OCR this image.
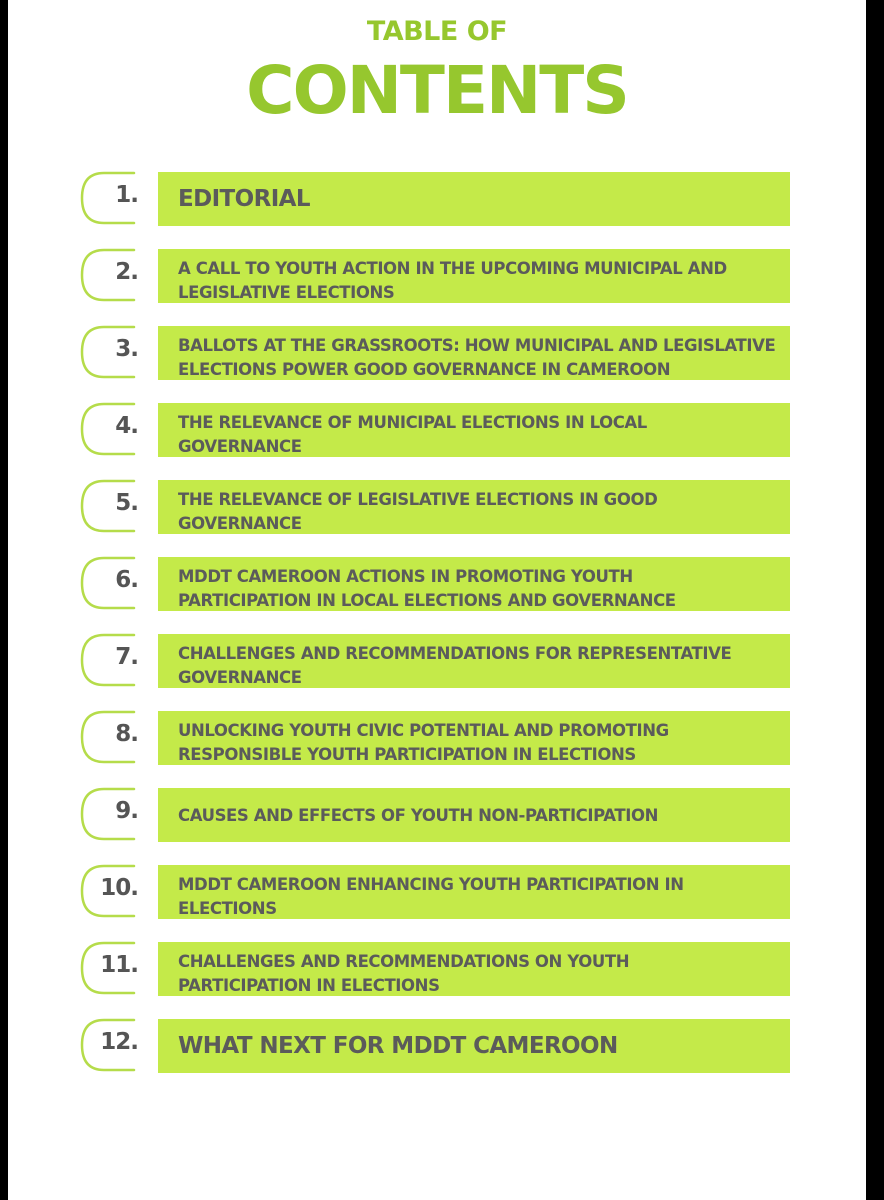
TABLE OF
CONTENTS
1. EDITORIAL
2. A CALL TO YOUTH ACTION IN THE UPCOMING MUNICIPAL AND
LEGISLATIVE ELECTIONS
3. BALLOTS AT THE GRASSROOTS: HOW MUNICIPAL AND LEGISLATIVE
ELECTIONS POWER GOOD GOVERNANCE IN CAMEROON
4. THE RELEVANCE OF MUNICIPAL ELECTIONS IN LOCAL
GOVERNANCE
5. THE RELEVANCE OF LEGISLATIVE ELECTIONS IN GOOD
GOVERNANCE
6. MDDT CAMEROON ACTIONS IN PROMOTING YOUTH
PARTICIPATION IN LOCAL ELECTIONS AND GOVERNANCE
7. CHALLENGES AND RECOMMENDATIONS FOR REPRESENTATIVE
GOVERNANCE
8. UNLOCKING YOUTH CIVIC POTENTIAL AND PROMOTING
RESPONSIBLE YOUTH PARTICIPATION IN ELECTIONS
9. CAUSES AND EFFECTS OF YOUTH NON-PARTICIPATION
10. MDDT CAMEROON ENHANCING YOUTH PARTICIPATION IN
ELECTIONS
11. CHALLENGES AND RECOMMENDATIONS ON YOUTH
PARTICIPATION IN ELECTIONS
12. WHAT NEXT FOR MDDT CAMEROON
